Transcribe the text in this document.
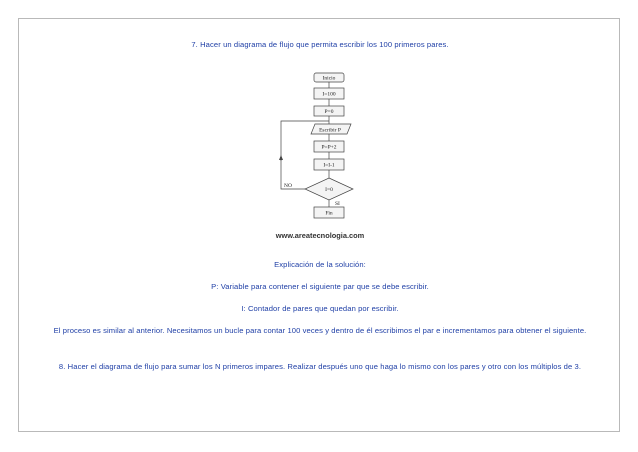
7. Hacer un diagrama de flujo que permita escribir los 100 primeros pares.
Inicio
I=100
P=0
Escribir P
P=P+2
I=I-1
I=0
NO
SI
Fin
www.areatecnologia.com
Explicación de la solución:
P: Variable para contener el siguiente par que se debe escribir.
I: Contador de pares que quedan por escribir.
El proceso es similar al anterior. Necesitamos un bucle para contar 100 veces y dentro de él escribimos el par e incrementamos para obtener el siguiente.
8. Hacer el diagrama de flujo para sumar los N primeros impares. Realizar después uno que haga lo mismo con los pares y otro con los múltiplos de 3.
